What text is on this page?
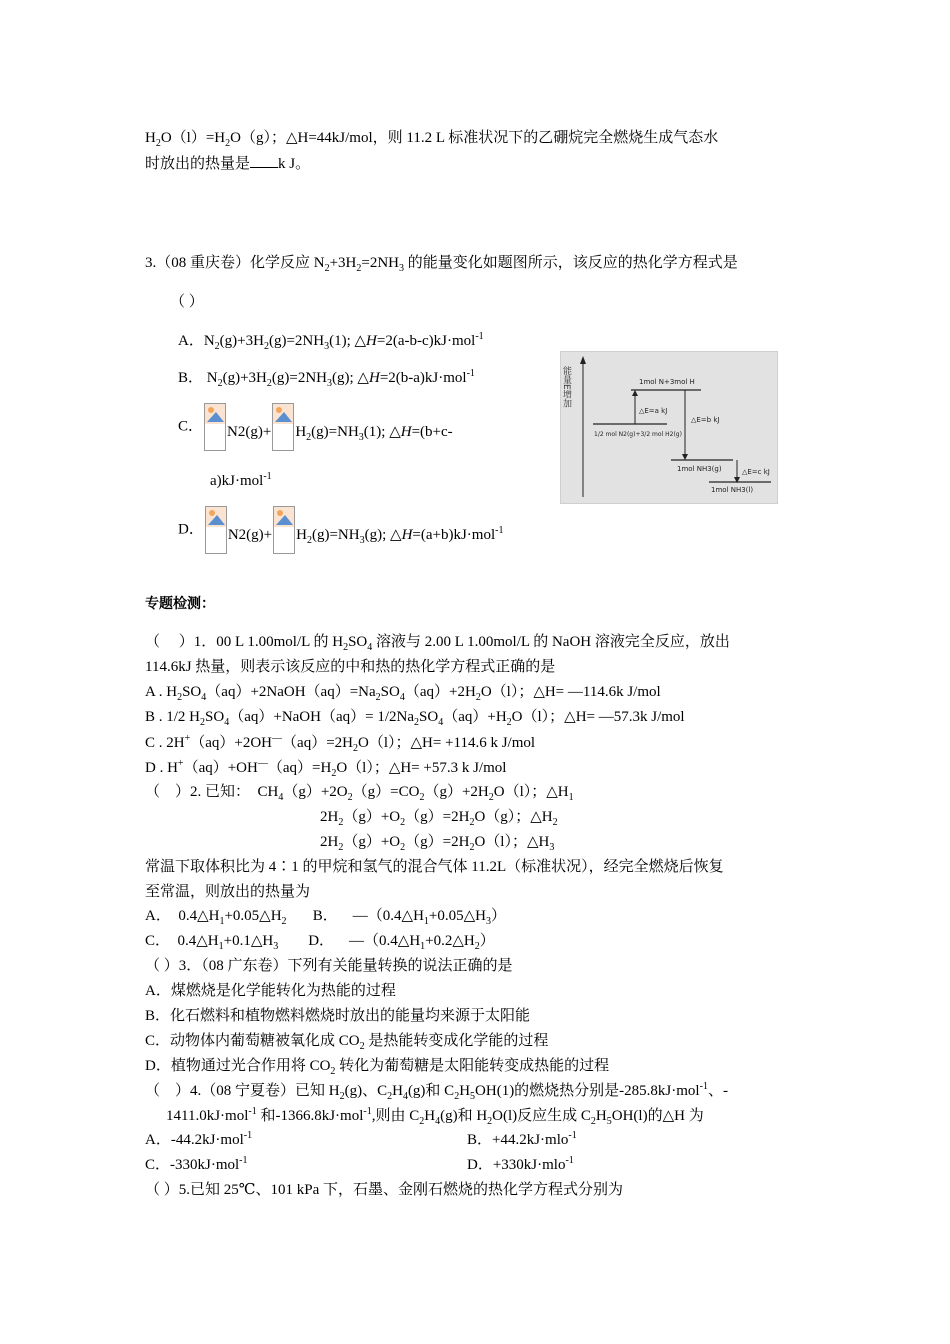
$H_2O(l)=H_2O(g)$；△H=44kJ/mol，则 11.2 L 标准状况下的乙硼烷完全燃烧生成气态水
时放出的热量是 k J。
3.（08 重庆卷）化学反应 $N_2+3H_2=2NH_3$ 的能量变化如题图所示，该反应的热化学方程式是
（ ）
A．$N_2(g)+3H_2(g)=2NH_3(1)$; △H=2(a-b-c)kJ·mol$^{-1}$
B． $N_2(g)+3H_2(g)=2NH_3(g)$; △H=2(b-a)kJ·mol$^{-1}$
C． $N2(g)+ H_2(g)=NH_3(1)$; △H=(b+c-
a)kJ·mol$^{-1}$
D． $N2(g)+ H_2(g)=NH_3(g)$; △H=(a+b)kJ·mol$^{-1}$
能量E增加	1mol N+3mol H
1/2 mol N2(g)+3/2 mol H2(g)
△E=a kJ
△E=b kJ
1mol NH3(g)	△E=c kJ
1mol NH3(l)
专题检测：
（     ）1．00 L 1.00mol/L 的 $H_2SO_4$ 溶液与 2.00 L 1.00mol/L 的 NaOH 溶液完全反应，放出
114.6kJ 热量，则表示该反应的中和热的热化学方程式正确的是
A . $H_2SO_4(aq)+2NaOH(aq)=Na_2SO_4(aq)+2H_2O(l)$；△H= —114.6k J/mol
B . 1/2 $H_2SO_4(aq)+NaOH(aq)= 1/2Na_2SO_4(aq)+H_2O(l)$；△H= —57.3k J/mol
C . $2H^+(aq)+2OH^—(aq)=2H_2O(l)$；△H= +114.6 k J/mol
D . $H^+(aq)+OH^—(aq)=H_2O(l)$；△H= +57.3 k J/mol
（    ）2. 已知：  $CH_4(g)+2O_2(g)=CO_2(g)+2H_2O(l)$；$\triangle H_1$
$2H_2(g)+O_2(g)=2H_2O(g)$；$\triangle H_2$
$2H_2(g)+O_2(g)=2H_2O(l)$；$\triangle H_3$
常温下取体积比为 4∶1 的甲烷和氢气的混合气体 11.2L（标准状况），经完全燃烧后恢复
至常温，则放出的热量为
A．  $0.4\triangle H_1+0.05\triangle H_2$       B．    $—(0.4\triangle H_1+0.05\triangle H_3)$
C．  $0.4\triangle H_1+0.1\triangle H_3$        D．    $—(0.4\triangle H_1+0.2\triangle H_2)$
（ ）3．（08 广东卷）下列有关能量转换的说法正确的是
A．煤燃烧是化学能转化为热能的过程
B．化石燃料和植物燃料燃烧时放出的能量均来源于太阳能
C．动物体内葡萄糖被氧化成 $CO_2$ 是热能转变成化学能的过程
D．植物通过光合作用将 $CO_2$ 转化为葡萄糖是太阳能转变成热能的过程
（    ）4.（08 宁夏卷）已知 $H_2(g)$、$C_2H_4(g)$和 $C_2H_5OH(1)$的燃烧热分别是-285.8kJ·mol$^{-1}$、-
1411.0kJ·mol$^{-1}$ 和-1366.8kJ·mol$^{-1}$,则由 $C_2H_4(g)$和 $H_2O(l)$反应生成 $C_2H_5OH(l)$的△H 为
A．-44.2kJ·mol$^{-1}$	B．+44.2kJ·mlo$^{-1}$
C．-330kJ·mol$^{-1}$	D．+330kJ·mlo$^{-1}$
（ ）5.已知 25℃、101 kPa 下，石墨、金刚石燃烧的热化学方程式分别为
